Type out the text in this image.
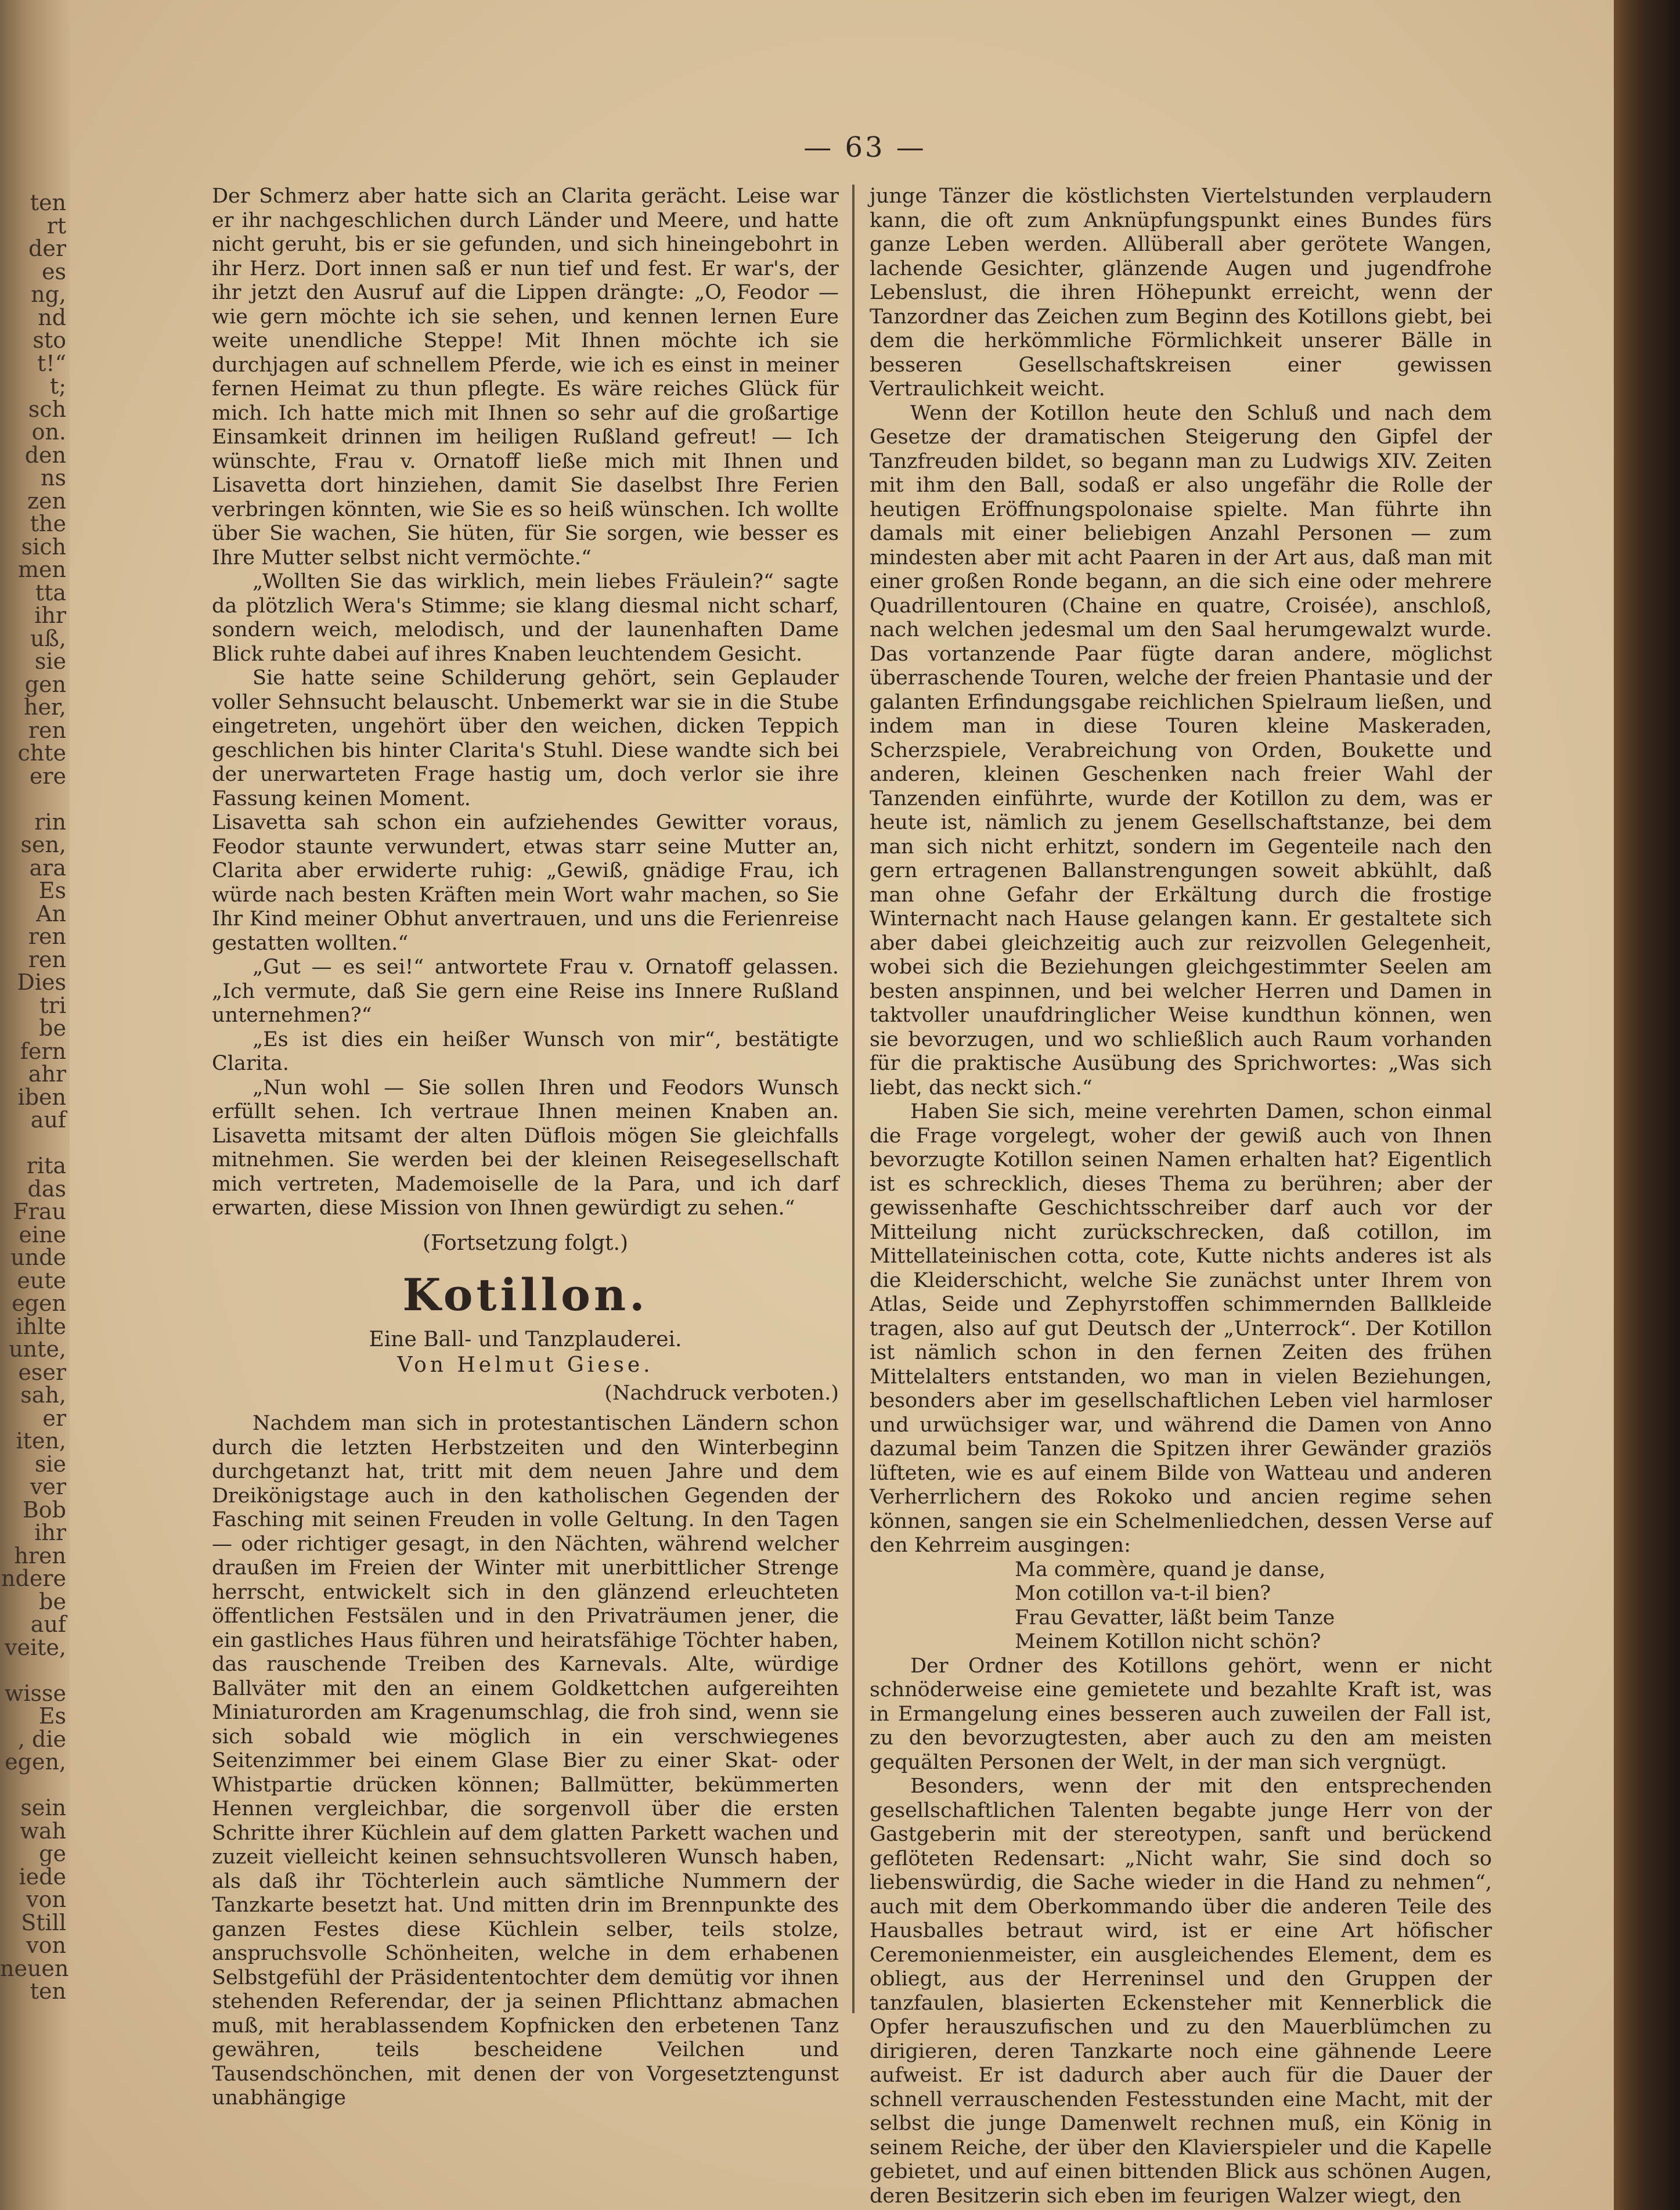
ten
rt
der
es
ng,
nd
sto
t!“
t;
sch
on.
den
ns
zen
the
sich
men
tta
ihr
uß,
sie
gen
her,
ren
chte
ere
rin
sen,
ara
Es
An
ren
ren
Dies
tri
be
fern
ahr
iben
auf
rita
das
Frau
eine
unde
eute
egen
ihlte
unte,
eser
sah,
er
iten,
sie
ver
Bob
ihr
hren
ndere
be
auf
veite,
wisse
Es
, die
egen,
sein
wah
ge
iede
von
Still
von
neuen
ten
— 63 —

Der Schmerz aber hatte sich an Clarita gerächt. Leise war er ihr nachgeschlichen durch Länder und Meere, und hatte nicht geruht, bis er sie gefunden, und sich hineingebohrt in ihr Herz. Dort innen saß er nun tief und fest. Er war's, der ihr jetzt den Ausruf auf die Lippen drängte: „O, Feodor — wie gern möchte ich sie sehen, und kennen lernen Eure weite unendliche Steppe! Mit Ihnen möchte ich sie durchjagen auf schnellem Pferde, wie ich es einst in meiner fernen Heimat zu thun pflegte. Es wäre reiches Glück für mich. Ich hatte mich mit Ihnen so sehr auf die großartige Einsamkeit drinnen im heiligen Rußland gefreut! — Ich wünschte, Frau v. Ornatoff ließe mich mit Ihnen und Lisavetta dort hinziehen, damit Sie daselbst Ihre Ferien verbringen könnten, wie Sie es so heiß wünschen. Ich wollte über Sie wachen, Sie hüten, für Sie sorgen, wie besser es Ihre Mutter selbst nicht vermöchte.“

„Wollten Sie das wirklich, mein liebes Fräulein?“ sagte da plötzlich Wera's Stimme; sie klang diesmal nicht scharf, sondern weich, melodisch, und der launenhaften Dame Blick ruhte dabei auf ihres Knaben leuchtendem Gesicht.

Sie hatte seine Schilderung gehört, sein Geplauder voller Sehnsucht belauscht. Unbemerkt war sie in die Stube eingetreten, ungehört über den weichen, dicken Teppich geschlichen bis hinter Clarita's Stuhl. Diese wandte sich bei der unerwarteten Frage hastig um, doch verlor sie ihre Fassung keinen Moment.

Lisavetta sah schon ein aufziehendes Gewitter voraus, Feodor staunte verwundert, etwas starr seine Mutter an, Clarita aber erwiderte ruhig: „Gewiß, gnädige Frau, ich würde nach besten Kräften mein Wort wahr machen, so Sie Ihr Kind meiner Obhut anvertrauen, und uns die Ferienreise gestatten wollten.“

„Gut — es sei!“ antwortete Frau v. Ornatoff gelassen. „Ich vermute, daß Sie gern eine Reise ins Innere Rußland unternehmen?“

„Es ist dies ein heißer Wunsch von mir“, bestätigte Clarita.

„Nun wohl — Sie sollen Ihren und Feodors Wunsch erfüllt sehen. Ich vertraue Ihnen meinen Knaben an. Lisavetta mitsamt der alten Düflois mögen Sie gleichfalls mitnehmen. Sie werden bei der kleinen Reisegesellschaft mich vertreten, Mademoiselle de la Para, und ich darf erwarten, diese Mission von Ihnen gewürdigt zu sehen.“

(Fortsetzung folgt.)
Kotillon.
Eine Ball- und Tanzplauderei.
Von Helmut Giese.
(Nachdruck verboten.)

Nachdem man sich in protestantischen Ländern schon durch die letzten Herbstzeiten und den Winterbeginn durchgetanzt hat, tritt mit dem neuen Jahre und dem Dreikönigstage auch in den katholischen Gegenden der Fasching mit seinen Freuden in volle Geltung. In den Tagen — oder richtiger gesagt, in den Nächten, während welcher draußen im Freien der Winter mit unerbittlicher Strenge herrscht, entwickelt sich in den glänzend erleuchteten öffentlichen Festsälen und in den Privaträumen jener, die ein gastliches Haus führen und heiratsfähige Töchter haben, das rauschende Treiben des Karnevals. Alte, würdige Ballväter mit den an einem Goldkettchen aufgereihten Miniaturorden am Kragenumschlag, die froh sind, wenn sie sich sobald wie möglich in ein verschwiegenes Seitenzimmer bei einem Glase Bier zu einer Skat- oder Whistpartie drücken können; Ballmütter, bekümmerten Hennen vergleichbar, die sorgenvoll über die ersten Schritte ihrer Küchlein auf dem glatten Parkett wachen und zuzeit vielleicht keinen sehnsuchtsvolleren Wunsch haben, als daß ihr Töchterlein auch sämtliche Nummern der Tanzkarte besetzt hat. Und mitten drin im Brennpunkte des ganzen Festes diese Küchlein selber, teils stolze, anspruchsvolle Schönheiten, welche in dem erhabenen Selbstgefühl der Präsidententochter dem demütig vor ihnen stehenden Referendar, der ja seinen Pflichttanz abmachen muß, mit herablassendem Kopfnicken den erbetenen Tanz gewähren, teils bescheidene Veilchen und Tausendschönchen, mit denen der von Vorgesetztengunst unabhängige

junge Tänzer die köstlichsten Viertelstunden verplaudern kann, die oft zum Anknüpfungspunkt eines Bundes fürs ganze Leben werden. Allüberall aber gerötete Wangen, lachende Gesichter, glänzende Augen und jugendfrohe Lebenslust, die ihren Höhepunkt erreicht, wenn der Tanzordner das Zeichen zum Beginn des Kotillons giebt, bei dem die herkömmliche Förmlichkeit unserer Bälle in besseren Gesellschaftskreisen einer gewissen Vertraulichkeit weicht.

Wenn der Kotillon heute den Schluß und nach dem Gesetze der dramatischen Steigerung den Gipfel der Tanzfreuden bildet, so begann man zu Ludwigs XIV. Zeiten mit ihm den Ball, sodaß er also ungefähr die Rolle der heutigen Eröffnungspolonaise spielte. Man führte ihn damals mit einer beliebigen Anzahl Personen — zum mindesten aber mit acht Paaren in der Art aus, daß man mit einer großen Ronde begann, an die sich eine oder mehrere Quadrillentouren (Chaine en quatre, Croisée), anschloß, nach welchen jedesmal um den Saal herumgewalzt wurde. Das vortanzende Paar fügte daran andere, möglichst überraschende Touren, welche der freien Phantasie und der galanten Erfindungsgabe reichlichen Spielraum ließen, und indem man in diese Touren kleine Maskeraden, Scherzspiele, Verabreichung von Orden, Boukette und anderen, kleinen Geschenken nach freier Wahl der Tanzenden einführte, wurde der Kotillon zu dem, was er heute ist, nämlich zu jenem Gesellschaftstanze, bei dem man sich nicht erhitzt, sondern im Gegenteile nach den gern ertragenen Ballanstrengungen soweit abkühlt, daß man ohne Gefahr der Erkältung durch die frostige Winternacht nach Hause gelangen kann. Er gestaltete sich aber dabei gleichzeitig auch zur reizvollen Gelegenheit, wobei sich die Beziehungen gleichgestimmter Seelen am besten anspinnen, und bei welcher Herren und Damen in taktvoller unaufdringlicher Weise kundthun können, wen sie bevorzugen, und wo schließlich auch Raum vorhanden für die praktische Ausübung des Sprichwortes: „Was sich liebt, das neckt sich.“

Haben Sie sich, meine verehrten Damen, schon einmal die Frage vorgelegt, woher der gewiß auch von Ihnen bevorzugte Kotillon seinen Namen erhalten hat? Eigentlich ist es schrecklich, dieses Thema zu berühren; aber der gewissenhafte Geschichtsschreiber darf auch vor der Mitteilung nicht zurückschrecken, daß cotillon, im Mittellateinischen cotta, cote, Kutte nichts anderes ist als die Kleiderschicht, welche Sie zunächst unter Ihrem von Atlas, Seide und Zephyrstoffen schimmernden Ballkleide tragen, also auf gut Deutsch der „Unterrock“. Der Kotillon ist nämlich schon in den fernen Zeiten des frühen Mittelalters entstanden, wo man in vielen Beziehungen, besonders aber im gesellschaftlichen Leben viel harmloser und urwüchsiger war, und während die Damen von Anno dazumal beim Tanzen die Spitzen ihrer Gewänder graziös lüfteten, wie es auf einem Bilde von Watteau und anderen Verherrlichern des Rokoko und ancien regime sehen können, sangen sie ein Schelmenliedchen, dessen Verse auf den Kehrreim ausgingen:

Ma commère, quand je danse,

Mon cotillon va-t-il bien?

Frau Gevatter, läßt beim Tanze

Meinem Kotillon nicht schön?

Der Ordner des Kotillons gehört, wenn er nicht schnöderweise eine gemietete und bezahlte Kraft ist, was in Ermangelung eines besseren auch zuweilen der Fall ist, zu den bevorzugtesten, aber auch zu den am meisten gequälten Personen der Welt, in der man sich vergnügt.

Besonders, wenn der mit den entsprechenden gesellschaftlichen Talenten begabte junge Herr von der Gastgeberin mit der stereotypen, sanft und berückend geflöteten Redensart: „Nicht wahr, Sie sind doch so liebenswürdig, die Sache wieder in die Hand zu nehmen“, auch mit dem Oberkommando über die anderen Teile des Hausballes betraut wird, ist er eine Art höfischer Ceremonienmeister, ein ausgleichendes Element, dem es obliegt, aus der Herreninsel und den Gruppen der tanzfaulen, blasierten Eckensteher mit Kennerblick die Opfer herauszufischen und zu den Mauerblümchen zu dirigieren, deren Tanzkarte noch eine gähnende Leere aufweist. Er ist dadurch aber auch für die Dauer der schnell verrauschenden Festesstunden eine Macht, mit der selbst die junge Damenwelt rechnen muß, ein König in seinem Reiche, der über den Klavierspieler und die Kapelle gebietet, und auf einen bittenden Blick aus schönen Augen, deren Besitzerin sich eben im feurigen Walzer wiegt, den
